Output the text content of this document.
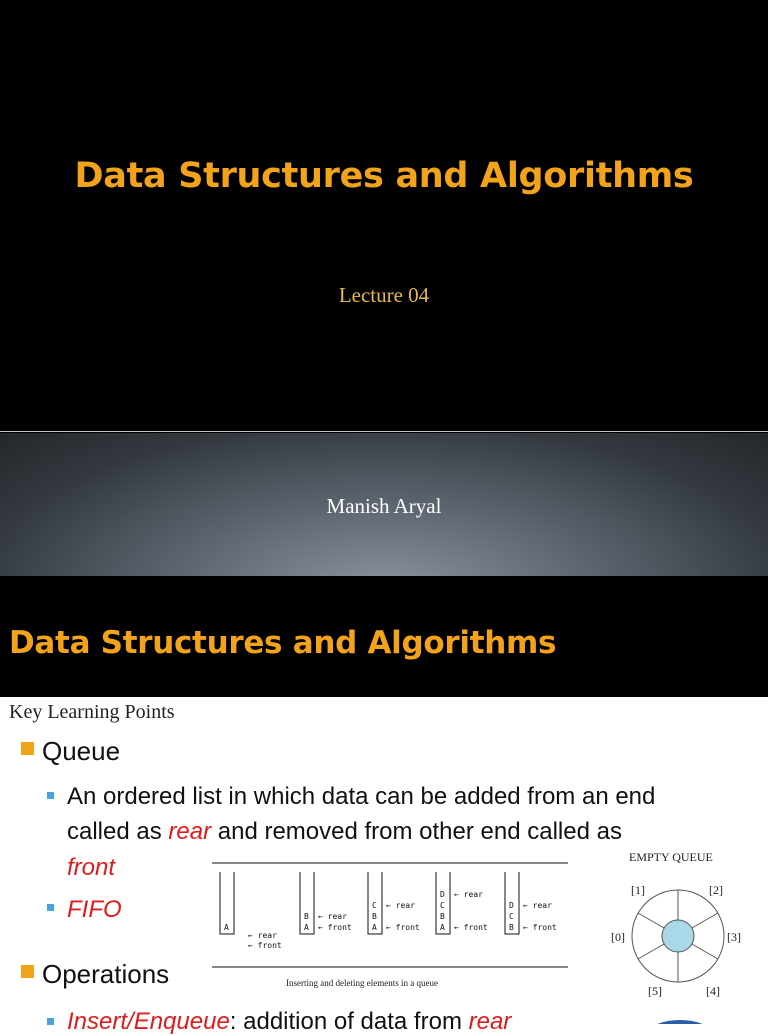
Data Structures and Algorithms
Lecture 04
Manish Aryal
Data Structures and Algorithms
Key Learning Points
Queue
An ordered list in which data can be added from an end
called as rear and removed from other end called as
front
FIFO
Operations
Insert/Enqueue: addition of data from rear
A
← rear
← front
B
A
← rear
← front
C
B
A
← rear
← front
D
C
B
A
← rear
← front
D
C
B
← rear
← front
Inserting and deleting elements in a queue
EMPTY QUEUE
[1]	[2]
[0]	[3]
[5]	[4]
